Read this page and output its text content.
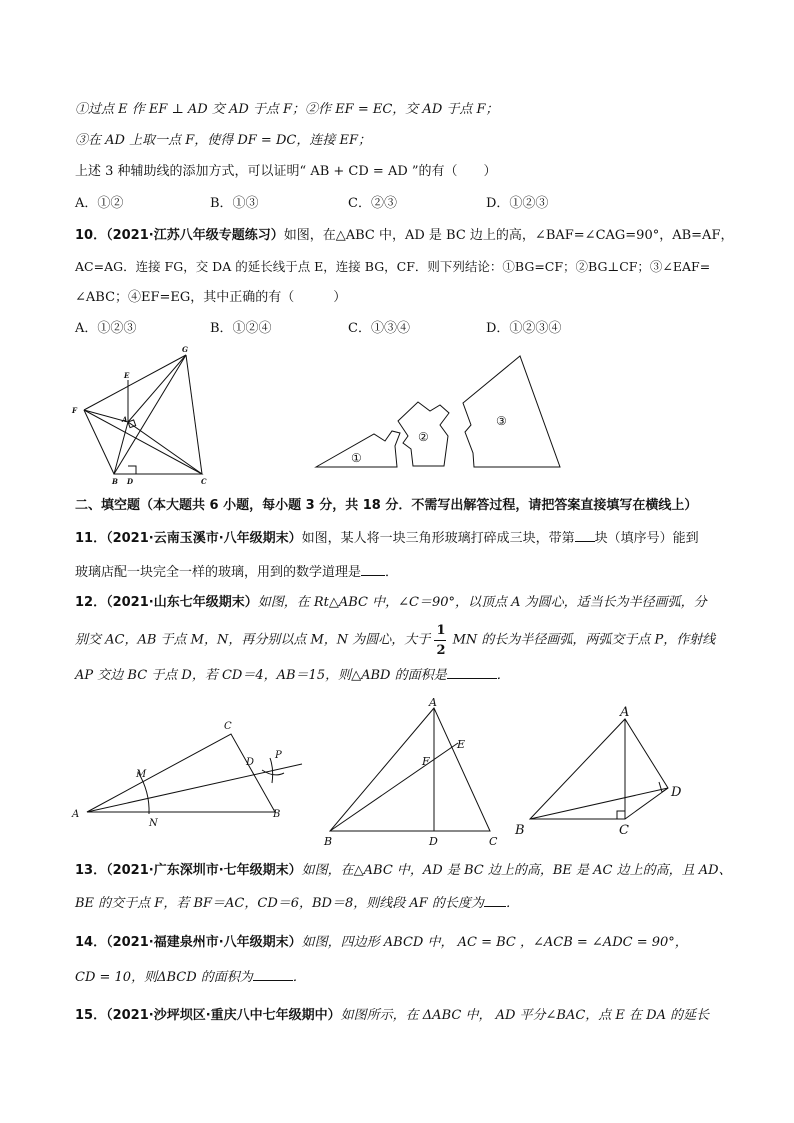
①过点 E 作 EF ⊥ AD 交 AD 于点 F；②作 EF = EC，交 AD 于点 F；
③在 AD 上取一点 F，使得 DF = DC，连接 EF；
上述 3 种辅助线的添加方式，可以证明“ AB + CD = AD ”的有（　　）
A．①②	B．①③	C．②③	D．①②③
10．（2021·江苏八年级专题练习）如图，在△ABC 中，AD 是 BC 边上的高，∠BAF=∠CAG=90°，AB=AF，
AC=AG．连接 FG，交 DA 的延长线于点 E，连接 BG，CF．则下列结论：①BG=CF；②BG⊥CF；③∠EAF=
∠ABC；④EF=EG，其中正确的有（　　　）
A．①②③	B．①②④	C．①③④	D．①②③④
G
E
F
A
B D	C
①
②
③
C
M
D
P
A
N
B
A
E
F
B	D	C
A
D
B	C
二、填空题（本大题共 6 小题，每小题 3 分，共 18 分．不需写出解答过程，请把答案直接填写在横线上）
11．（2021·云南玉溪市·八年级期末）如图，某人将一块三角形玻璃打碎成三块，带第 块（填序号）能到
玻璃店配一块完全一样的玻璃，用到的数学道理是 ．
12．（2021·山东七年级期末）如图，在 Rt△ABC 中，∠C＝90°，以顶点 A 为圆心，适当长为半径画弧，分
别交 AC，AB 于点 M，N，再分别以点 M，N 为圆心，大于 $\frac{1}{2}$ MN 的长为半径画弧，两弧交于点 P，作射线
AP 交边 BC 于点 D，若 CD＝4，AB＝15，则△ABD 的面积是	．
13．（2021·广东深圳市·七年级期末）如图，在△ABC 中，AD 是 BC 边上的高，BE 是 AC 边上的高，且 AD、
BE 的交于点 F，若 BF＝AC，CD＝6，BD＝8，则线段 AF 的长度为 ．
14．（2021·福建泉州市·八年级期末）如图，四边形 ABCD 中， AC = BC ，∠ACB = ∠ADC = 90°，
CD = 10，则ΔBCD 的面积为	．
15．（2021·沙坪坝区·重庆八中七年级期中）如图所示，在 ΔABC 中， AD 平分∠BAC，点 E 在 DA 的延长
